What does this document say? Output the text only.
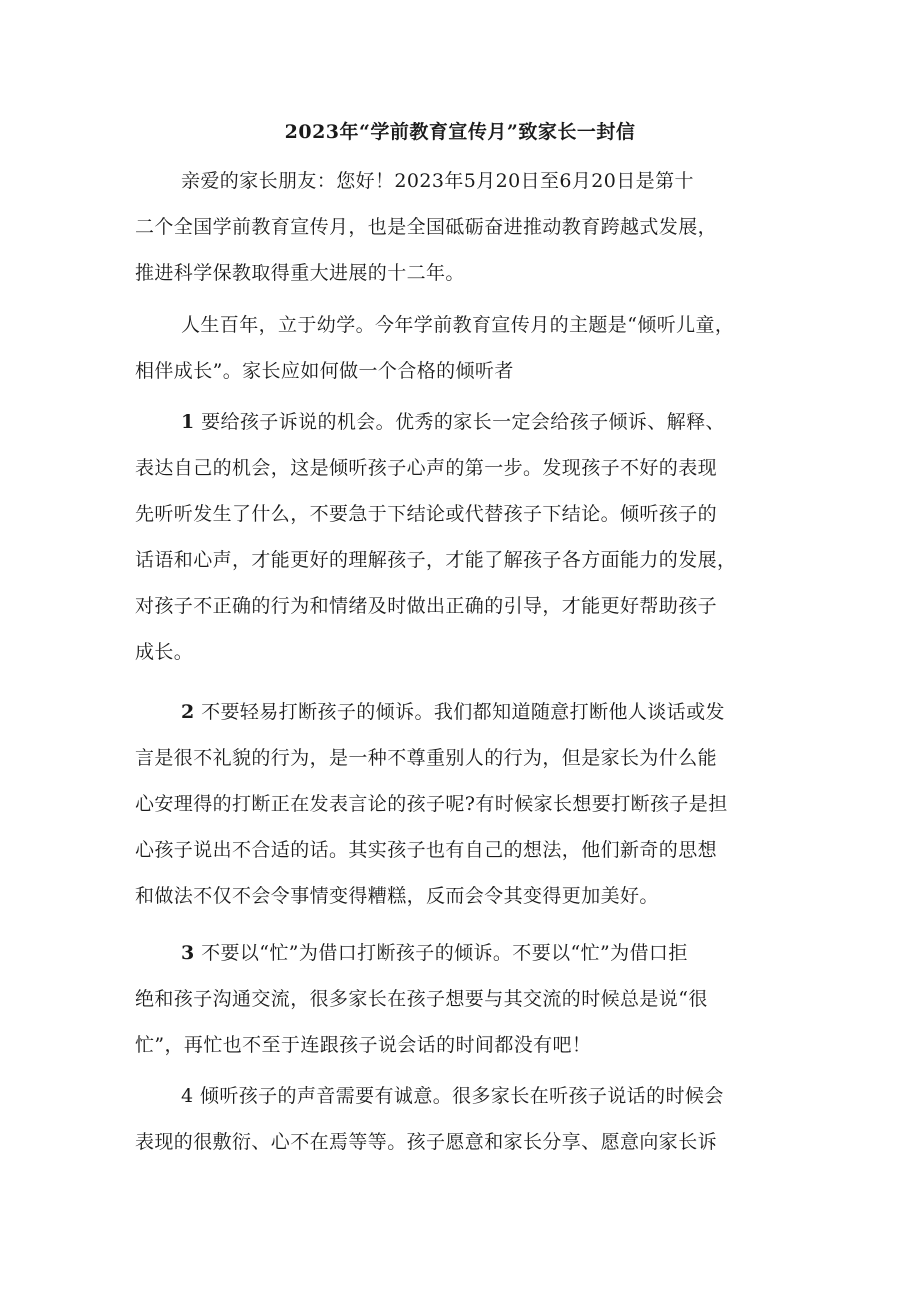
2023年“学前教育宣传月”致家长一封信
亲爱的家长朋友：您好！2023年5月20日至6月20日是第十
二个全国学前教育宣传月，也是全国砥砺奋进推动教育跨越式发展，
推进科学保教取得重大进展的十二年。
人生百年，立于幼学。今年学前教育宣传月的主题是“倾听儿童，
相伴成长”。家长应如何做一个合格的倾听者
1 要给孩子诉说的机会。优秀的家长一定会给孩子倾诉、解释、
表达自己的机会，这是倾听孩子心声的第一步。发现孩子不好的表现
先听听发生了什么，不要急于下结论或代替孩子下结论。倾听孩子的
话语和心声，才能更好的理解孩子，才能了解孩子各方面能力的发展，
对孩子不正确的行为和情绪及时做出正确的引导，才能更好帮助孩子
成长。
2 不要轻易打断孩子的倾诉。我们都知道随意打断他人谈话或发
言是很不礼貌的行为，是一种不尊重别人的行为，但是家长为什么能
心安理得的打断正在发表言论的孩子呢?有时候家长想要打断孩子是担
心孩子说出不合适的话。其实孩子也有自己的想法，他们新奇的思想
和做法不仅不会令事情变得糟糕，反而会令其变得更加美好。
3 不要以“忙”为借口打断孩子的倾诉。不要以“忙”为借口拒
绝和孩子沟通交流，很多家长在孩子想要与其交流的时候总是说“很
忙”，再忙也不至于连跟孩子说会话的时间都没有吧！
4 倾听孩子的声音需要有诚意。很多家长在听孩子说话的时候会
表现的很敷衍、心不在焉等等。孩子愿意和家长分享、愿意向家长诉
